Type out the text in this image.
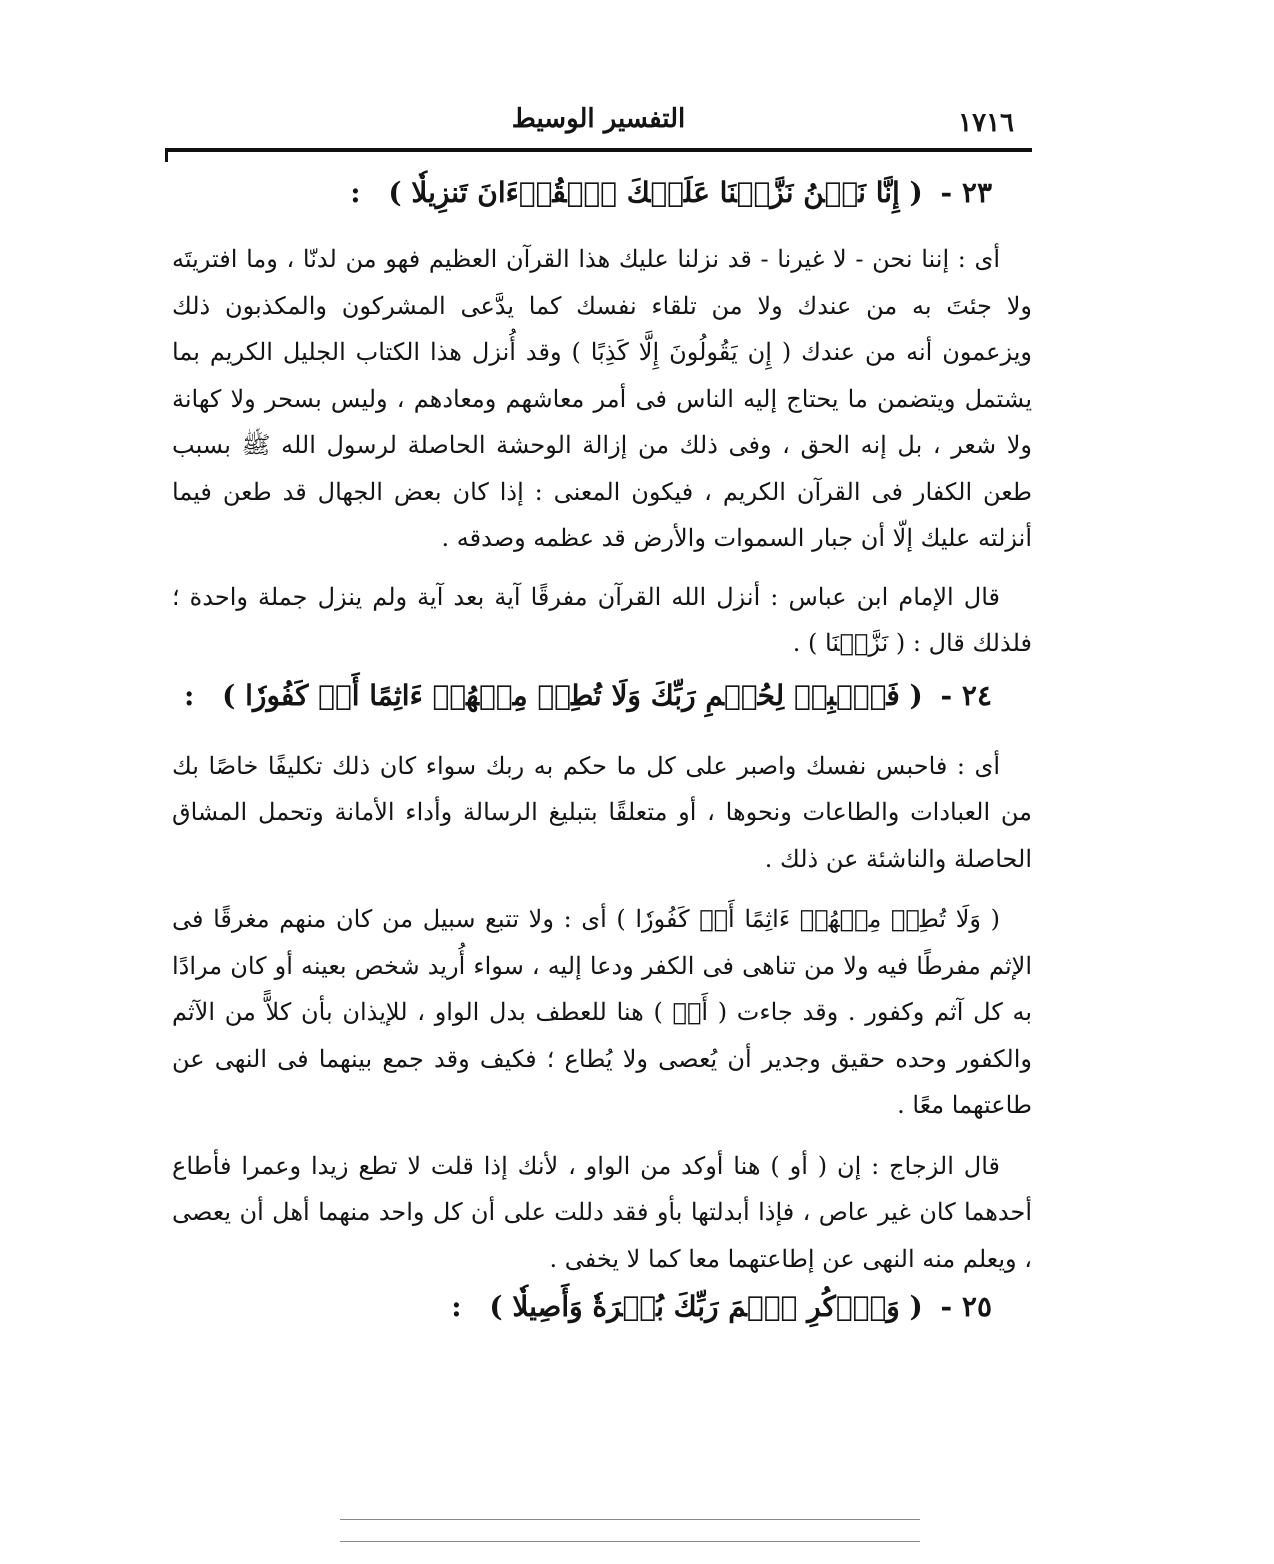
١٧١٦
التفسير الوسيط
٢٣ - ( إِنَّا نَحۡنُ نَزَّلۡنَا عَلَيۡكَ ٱلۡقُرۡءَانَ تَنزِيلٗا ) :

أى : إننا نحن - لا غيرنا - قد نزلنا عليك هذا القرآن العظيم فهو من لدنّا ، وما افتريتَه ولا جئتَ به من عندك ولا من تلقاء نفسك كما يدَّعى المشركون والمكذبون ذلك ويزعمون أنه من عندك ( إِن يَقُولُونَ إِلَّا كَذِبًا ) وقد أُنزل هذا الكتاب الجليل الكريم بما يشتمل ويتضمن ما يحتاج إليه الناس فى أمر معاشهم ومعادهم ، وليس بسحر ولا كهانة ولا شعر ، بل إنه الحق ، وفى ذلك من إزالة الوحشة الحاصلة لرسول الله ﷺ بسبب طعن الكفار فى القرآن الكريم ، فيكون المعنى : إذا كان بعض الجهال قد طعن فيما أنزلته عليك إلّا أن جبار السموات والأرض قد عظمه وصدقه .

قال الإمام ابن عباس : أنزل الله القرآن مفرقًا آية بعد آية ولم ينزل جملة واحدة ؛ فلذلك قال : ( نَزَّلۡنَا ) .

٢٤ - ( فَٱصۡبِرۡ لِحُكۡمِ رَبِّكَ وَلَا تُطِعۡ مِنۡهُمۡ ءَاثِمًا أَوۡ كَفُورٗا ) :

أى : فاحبس نفسك واصبر على كل ما حكم به ربك سواء كان ذلك تكليفًا خاصًا بك من العبادات والطاعات ونحوها ، أو متعلقًا بتبليغ الرسالة وأداء الأمانة وتحمل المشاق الحاصلة والناشئة عن ذلك .

( وَلَا تُطِعۡ مِنۡهُمۡ ءَاثِمًا أَوۡ كَفُورٗا ) أى : ولا تتبع سبيل من كان منهم مغرقًا فى الإثم مفرطًا فيه ولا من تناهى فى الكفر ودعا إليه ، سواء أُريد شخص بعينه أو كان مرادًا به كل آثم وكفور . وقد جاءت ( أَوۡ ) هنا للعطف بدل الواو ، للإيذان بأن كلاًّ من الآثم والكفور وحده حقيق وجدير أن يُعصى ولا يُطاع ؛ فكيف وقد جمع بينهما فى النهى عن طاعتهما معًا .

قال الزجاج : إن ( أو ) هنا أوكد من الواو ، لأنك إذا قلت لا تطع زيدا وعمرا فأطاع أحدهما كان غير عاص ، فإذا أبدلتها بأو فقد دللت على أن كل واحد منهما أهل أن يعصى ، ويعلم منه النهى عن إطاعتهما معا كما لا يخفى .

٢٥ - ( وَٱذۡكُرِ ٱسۡمَ رَبِّكَ بُكۡرَةٗ وَأَصِيلٗا ) :
